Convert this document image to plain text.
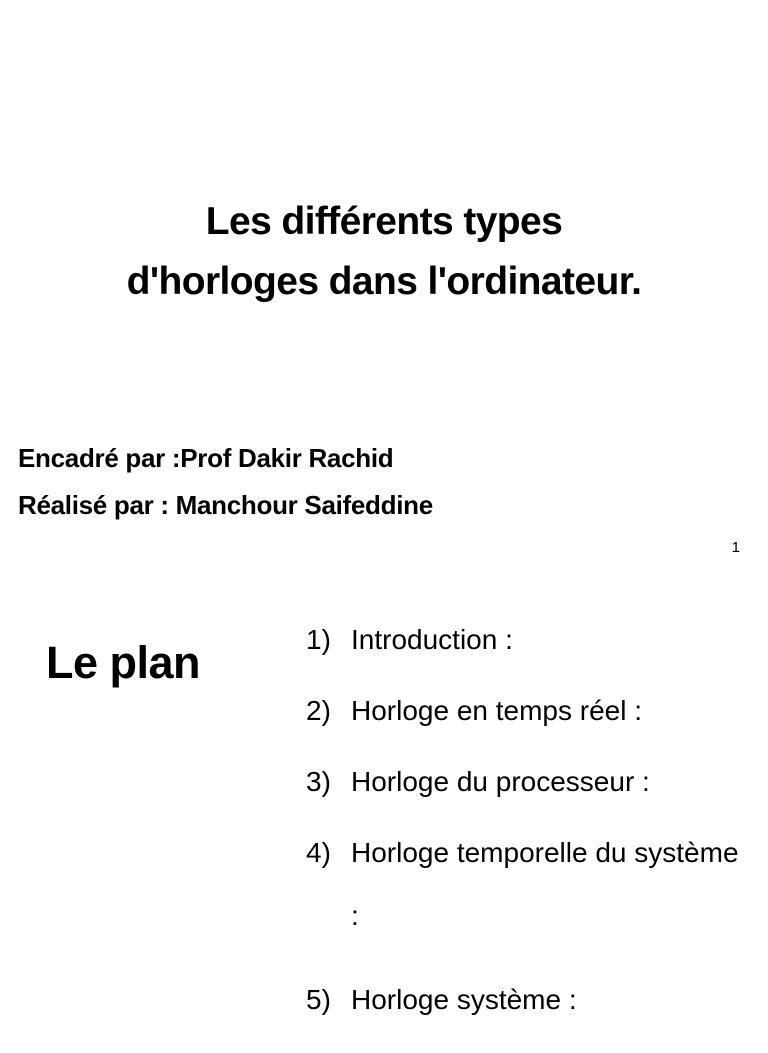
Les différents types
d'horloges dans l'ordinateur.
Encadré par :Prof Dakir Rachid
Réalisé par : Manchour Saifeddine
1
Le plan	1) Introduction :
2) Horloge en temps réel :
3) Horloge du processeur :
4) Horloge temporelle du système :
5) Horloge système :
